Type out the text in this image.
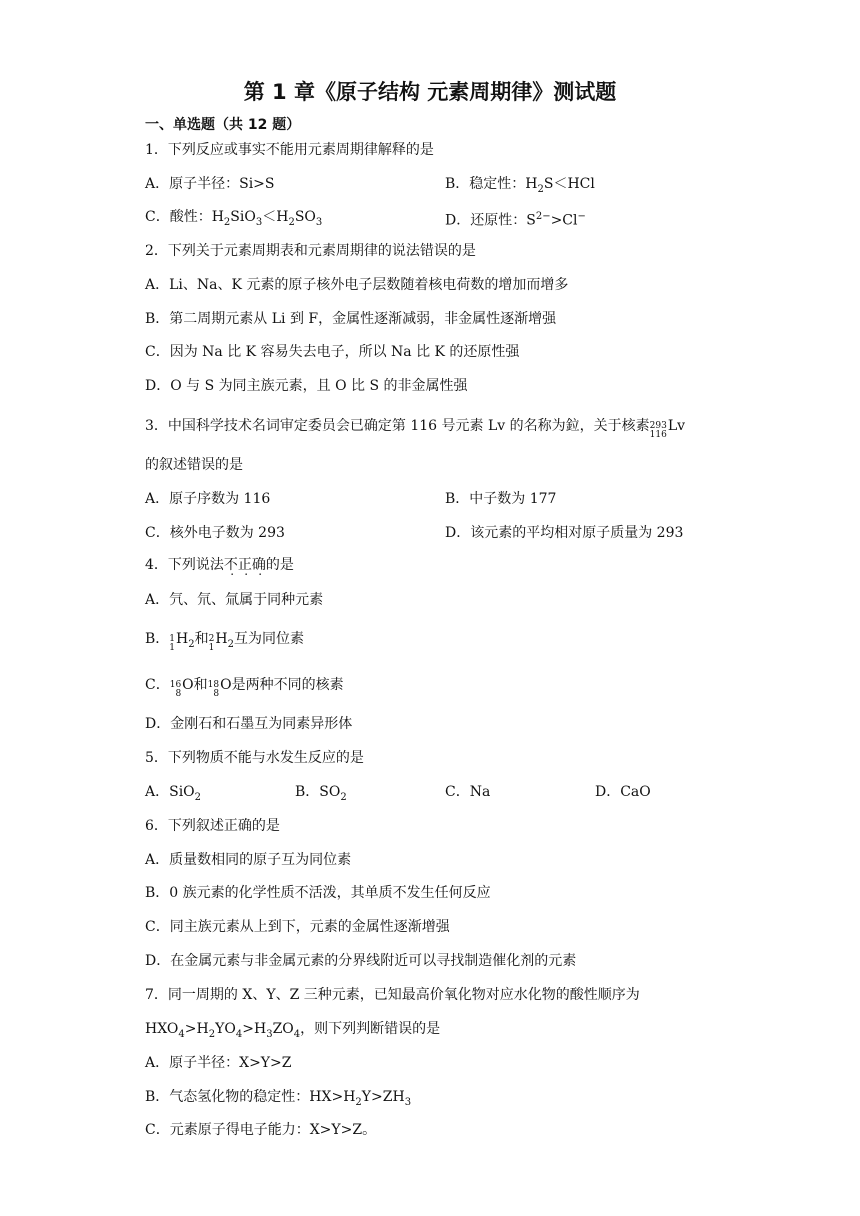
第 1 章《原子结构 元素周期律》测试题
一、单选题（共 12 题）
1．下列反应或事实不能用元素周期律解释的是
A．原子半径：Si>S	B．稳定性：$H_2S<HCl$
C．酸性：$H_2SiO_3<H_2SO_3$	D．还原性：$S^{2-}>Cl^-$
2．下列关于元素周期表和元素周期律的说法错误的是
A．Li、Na、K 元素的原子核外电子层数随着核电荷数的增加而增多
B．第二周期元素从 Li 到 F，金属性逐渐减弱，非金属性逐渐增强
C．因为 Na 比 K 容易失去电子，所以 Na 比 K 的还原性强
D．O 与 S 为同主族元素，且 O 比 S 的非金属性强
3．中国科学技术名词审定委员会已确定第 116 号元素 Lv 的名称为鉝，关于核素 293
116
Lv
的叙述错误的是
A．原子序数为 116	B．中子数为 177
C．核外电子数为 293	D．该元素的平均相对原子质量为 293
4．下列说法不正确的是
A．氕、氘、氚属于同种元素
B． 1
1
$H_2$和 2
1
$H_2$互为同位素
C． 16
8
O和 18
8
O是两种不同的核素
D．金刚石和石墨互为同素异形体
5．下列物质不能与水发生反应的是
A．SiO$_2$	B．$SO_2$	C．Na	D．CaO
6．下列叙述正确的是
A．质量数相同的原子互为同位素
B．0 族元素的化学性质不活泼，其单质不发生任何反应
C．同主族元素从上到下，元素的金属性逐渐增强
D．在金属元素与非金属元素的分界线附近可以寻找制造催化剂的元素
7．同一周期的 X、Y、Z 三种元素，已知最高价氧化物对应水化物的酸性顺序为
$HXO_4>H_2YO_4>H_3ZO_4$，则下列判断错误的是
A．原子半径：X>Y>Z
B．气态氢化物的稳定性：$HX>H_2Y>ZH_3$
C．元素原子得电子能力：X>Y>Z。
